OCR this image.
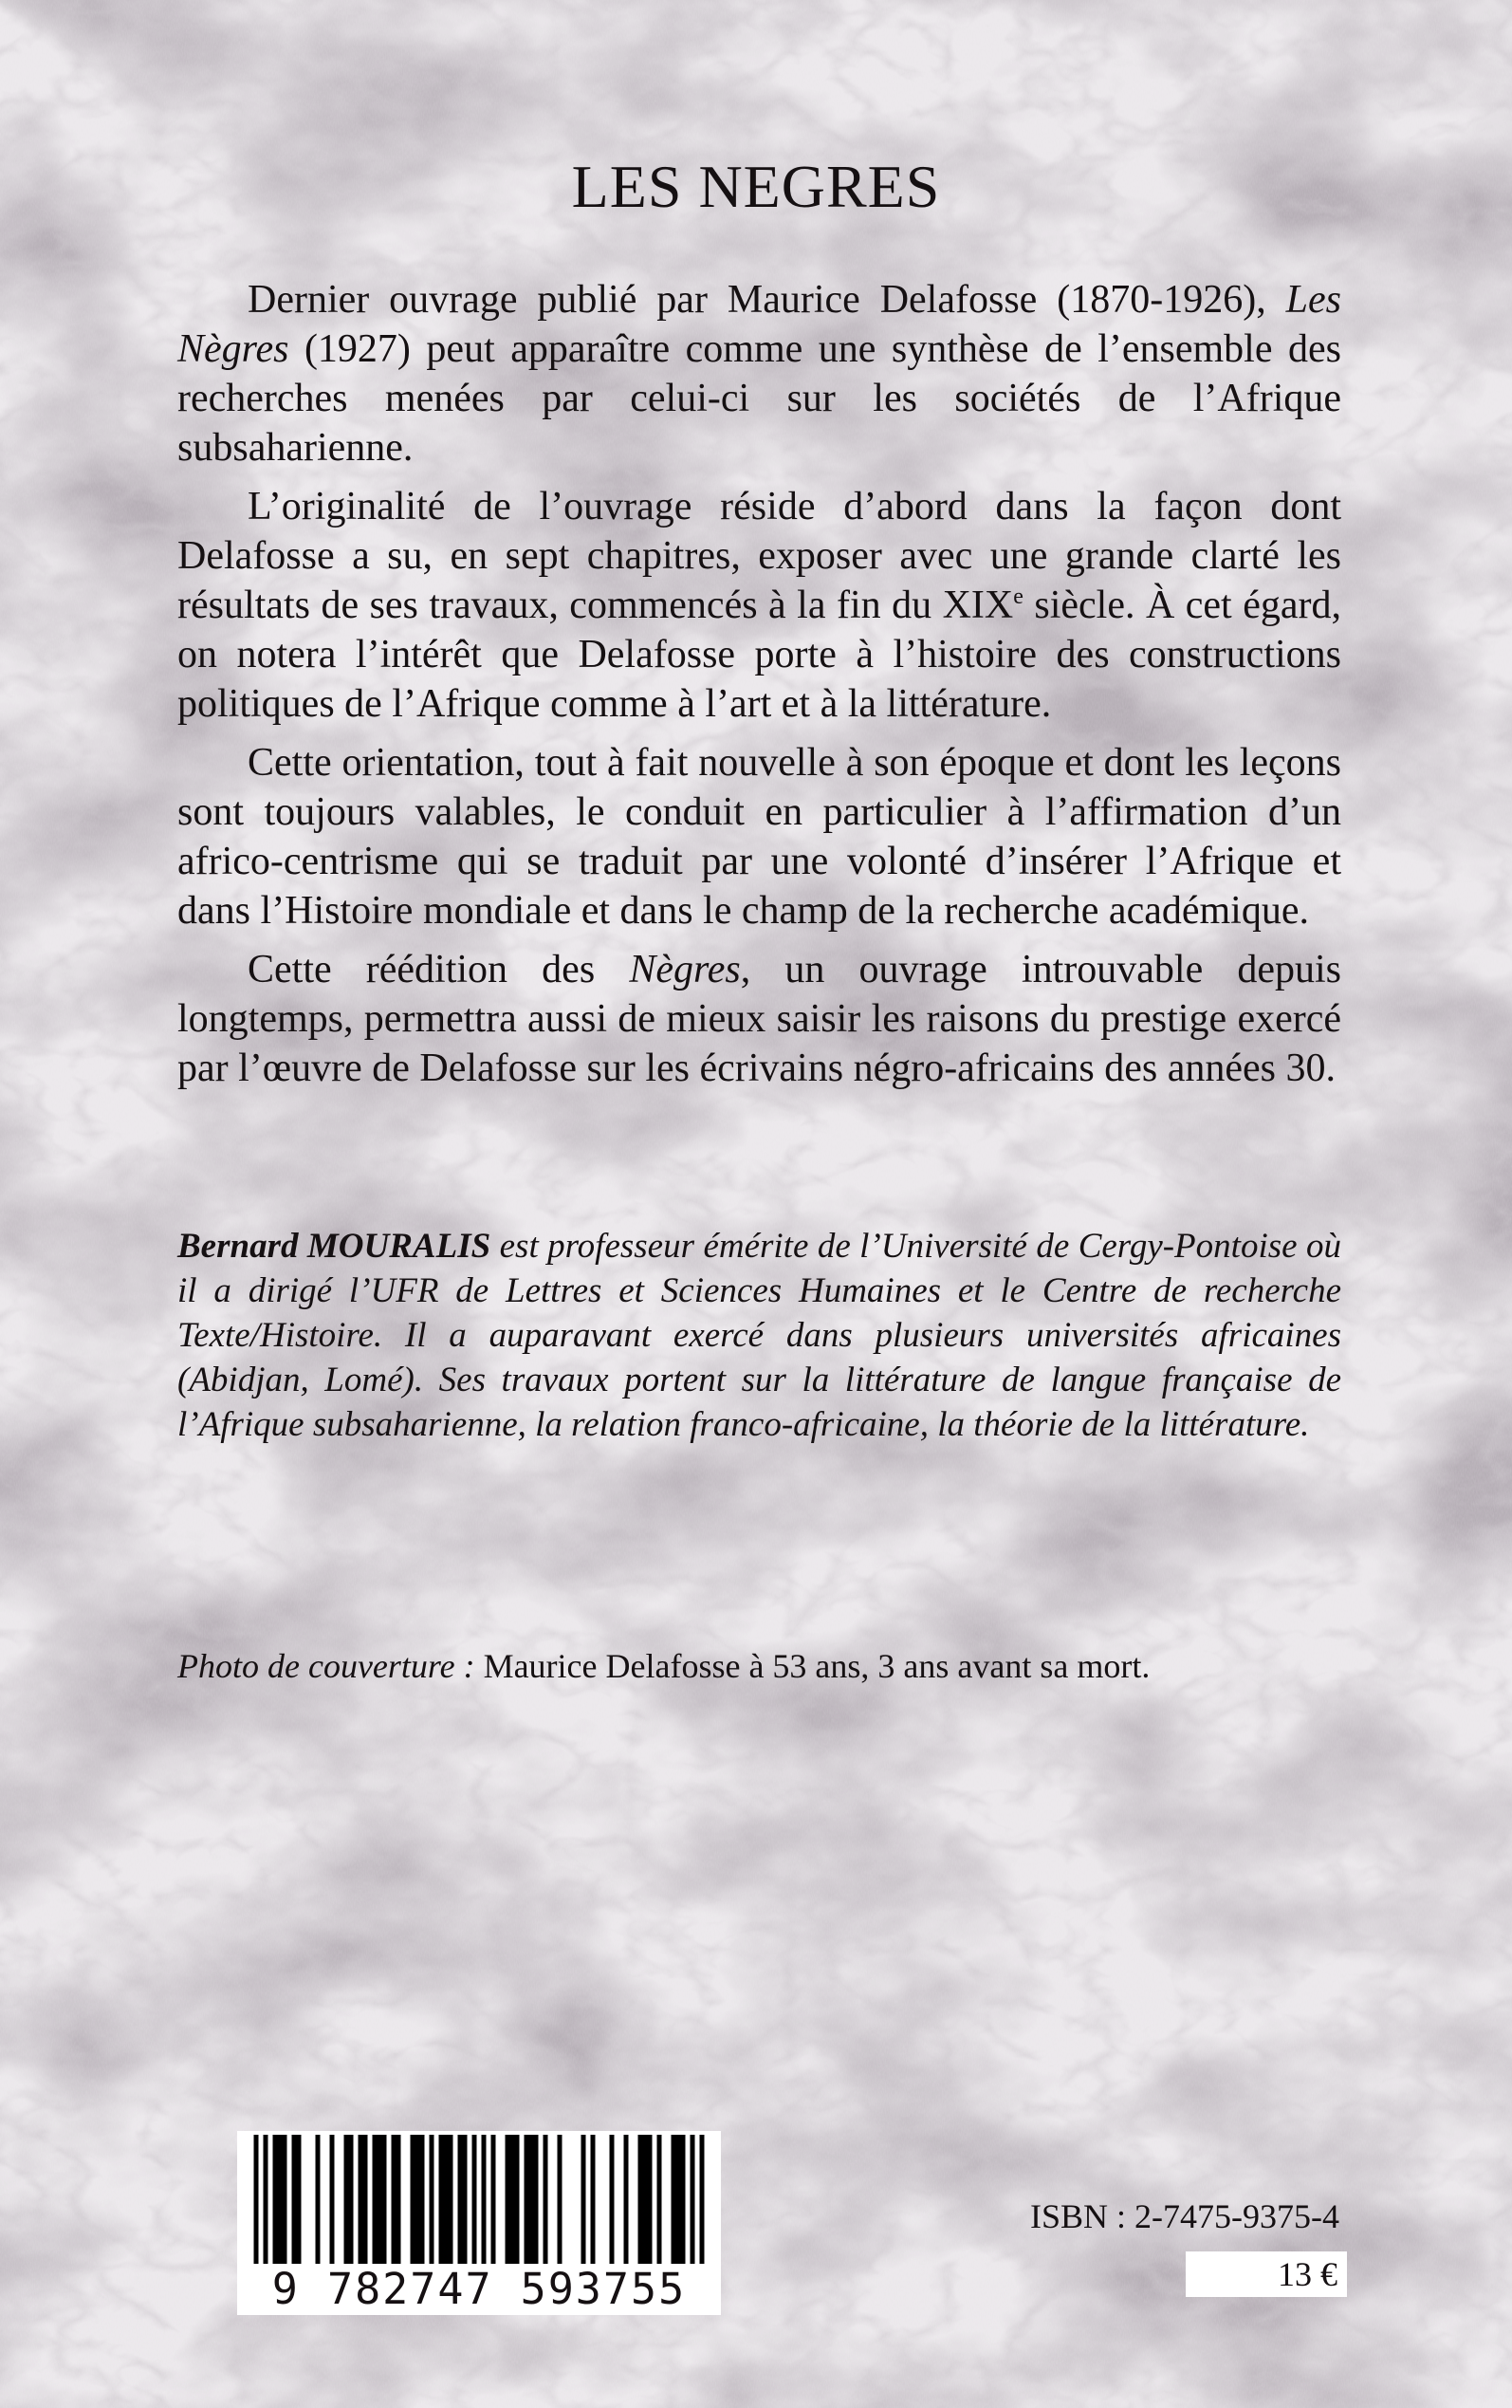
LES NEGRES

Dernier ouvrage publié par Maurice Delafosse (1870-1926), Les Nègres (1927) peut apparaître comme une synthèse de l’ensemble des recherches menées par celui-ci sur les sociétés de l’Afrique subsaharienne.

L’originalité de l’ouvrage réside d’abord dans la façon dont Delafosse a su, en sept chapitres, exposer avec une grande clarté les résultats de ses travaux, commencés à la fin du XIXe siècle. À cet égard, on notera l’intérêt que Delafosse porte à l’histoire des constructions politiques de l’Afrique comme à l’art et à la littérature.

Cette orientation, tout à fait nouvelle à son époque et dont les leçons sont toujours valables, le conduit en particulier à l’affirmation d’un africo-centrisme qui se traduit par une volonté d’insérer l’Afrique et dans l’Histoire mondiale et dans le champ de la recherche académique.

Cette réédition des Nègres, un ouvrage introuvable depuis longtemps, permettra aussi de mieux saisir les raisons du prestige exercé par l’œuvre de Delafosse sur les écrivains négro-africains des années 30.

Bernard MOURALIS est professeur émérite de l’Université de Cergy-Pontoise où il a dirigé l’UFR de Lettres et Sciences Humaines et le Centre de recherche Texte/Histoire. Il a auparavant exercé dans plusieurs universités africaines (Abidjan, Lomé). Ses travaux portent sur la littérature de langue française de l’Afrique subsaharienne, la relation franco-africaine, la théorie de la littérature.

Photo de couverture : Maurice Delafosse à 53 ans, 3 ans avant sa mort.
9 782747 593755
ISBN : 2-7475-9375-4
13 €
